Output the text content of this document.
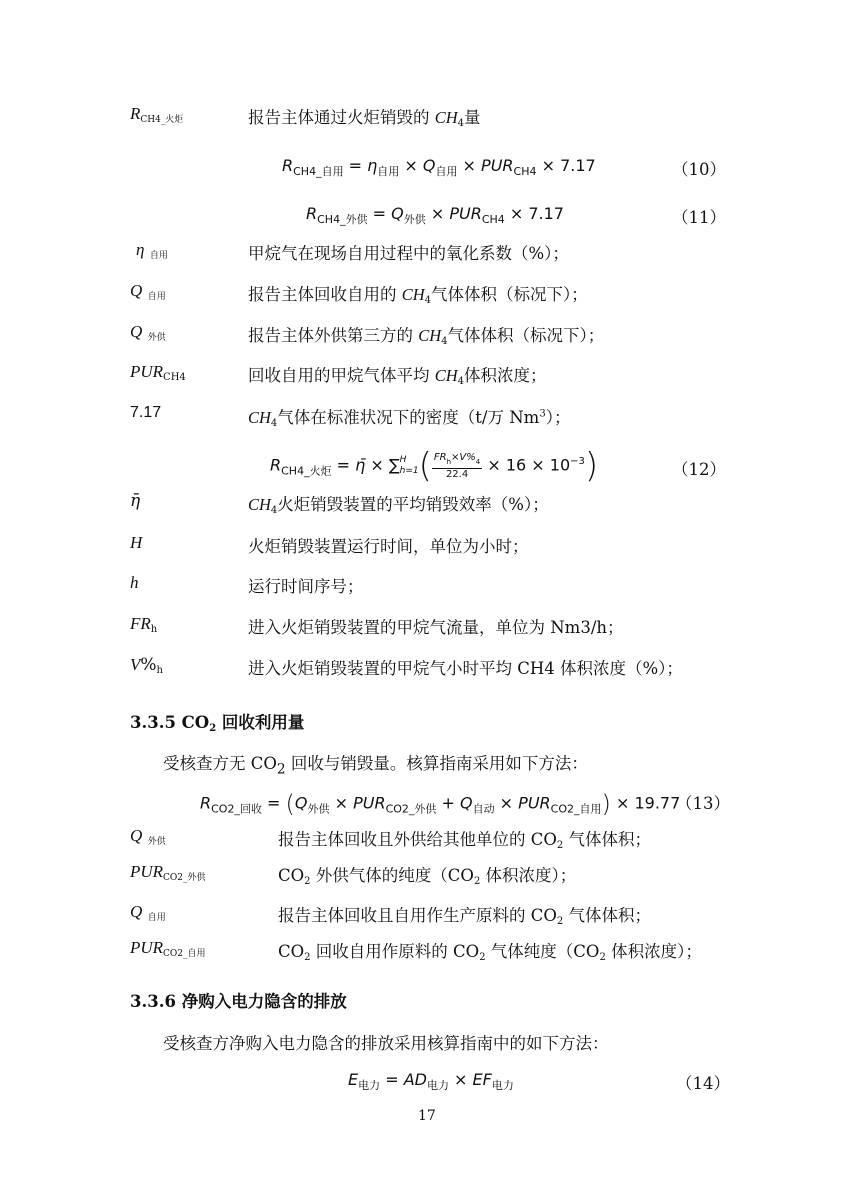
RCH4_火炬	报告主体通过火炬销毁的 $CH_4$量
$R_{CH4\_自用} = \eta_{自用} \times Q_{自用} \times PUR_{CH4} \times 7.17$	（10）
$R_{CH4\_外供} = Q_{外供} \times PUR_{CH4} \times 7.17$	（11）
η 自用	甲烷气在现场自用过程中的氧化系数（%）；
Q 自用	报告主体回收自用的 $CH_4$气体体积（标况下）；
Q 外供	报告主体外供第三方的 $CH_4$气体体积（标况下）；
$PUR_{CH4}$	回收自用的甲烷气体平均 $CH_4$体积浓度；
7.17	$CH_4$气体在标准状况下的密度（t/万 Nm$^3$）；
$R_{CH4\_火炬}$ = η̄ × ∑ H
h=1 ( $\frac{FR_h\times V\%_4}{22.4} \times 16 \times 10^{-3}$)	（12）
η̄	$CH_4$火炬销毁装置的平均销毁效率（%）；
H	火炬销毁装置运行时间，单位为小时；
h	运行时间序号；
$FR_h$	进入火炬销毁装置的甲烷气流量，单位为 Nm3/h；
$V\%_h$	进入火炬销毁装置的甲烷气小时平均 CH4 体积浓度（%）；
3.3.5 $CO_2$ 回收利用量
受核查方无 $CO_2$ 回收与销毁量。核算指南采用如下方法：
$R_{CO2\_回收} = (Q_{外供} \times PUR_{CO2\_外供} + Q_{自动} \times PUR_{CO2\_自用}) \times 19.77$
（13）
Q 外供	报告主体回收且外供给其他单位的 $CO_2$ 气体体积；
PURCO2_外供	$CO_2$ 外供气体的纯度（$CO_2$ 体积浓度）；
Q 自用	报告主体回收且自用作生产原料的 $CO_2$ 气体体积；
PURCO2_自用	$CO_2$ 回收自用作原料的 $CO_2$ 气体纯度（$CO_2$ 体积浓度）；
3.3.6 净购入电力隐含的排放
受核查方净购入电力隐含的排放采用核算指南中的如下方法：
$E_{电力} = AD_{电力} \times EF_{电力}$	（14）
17
